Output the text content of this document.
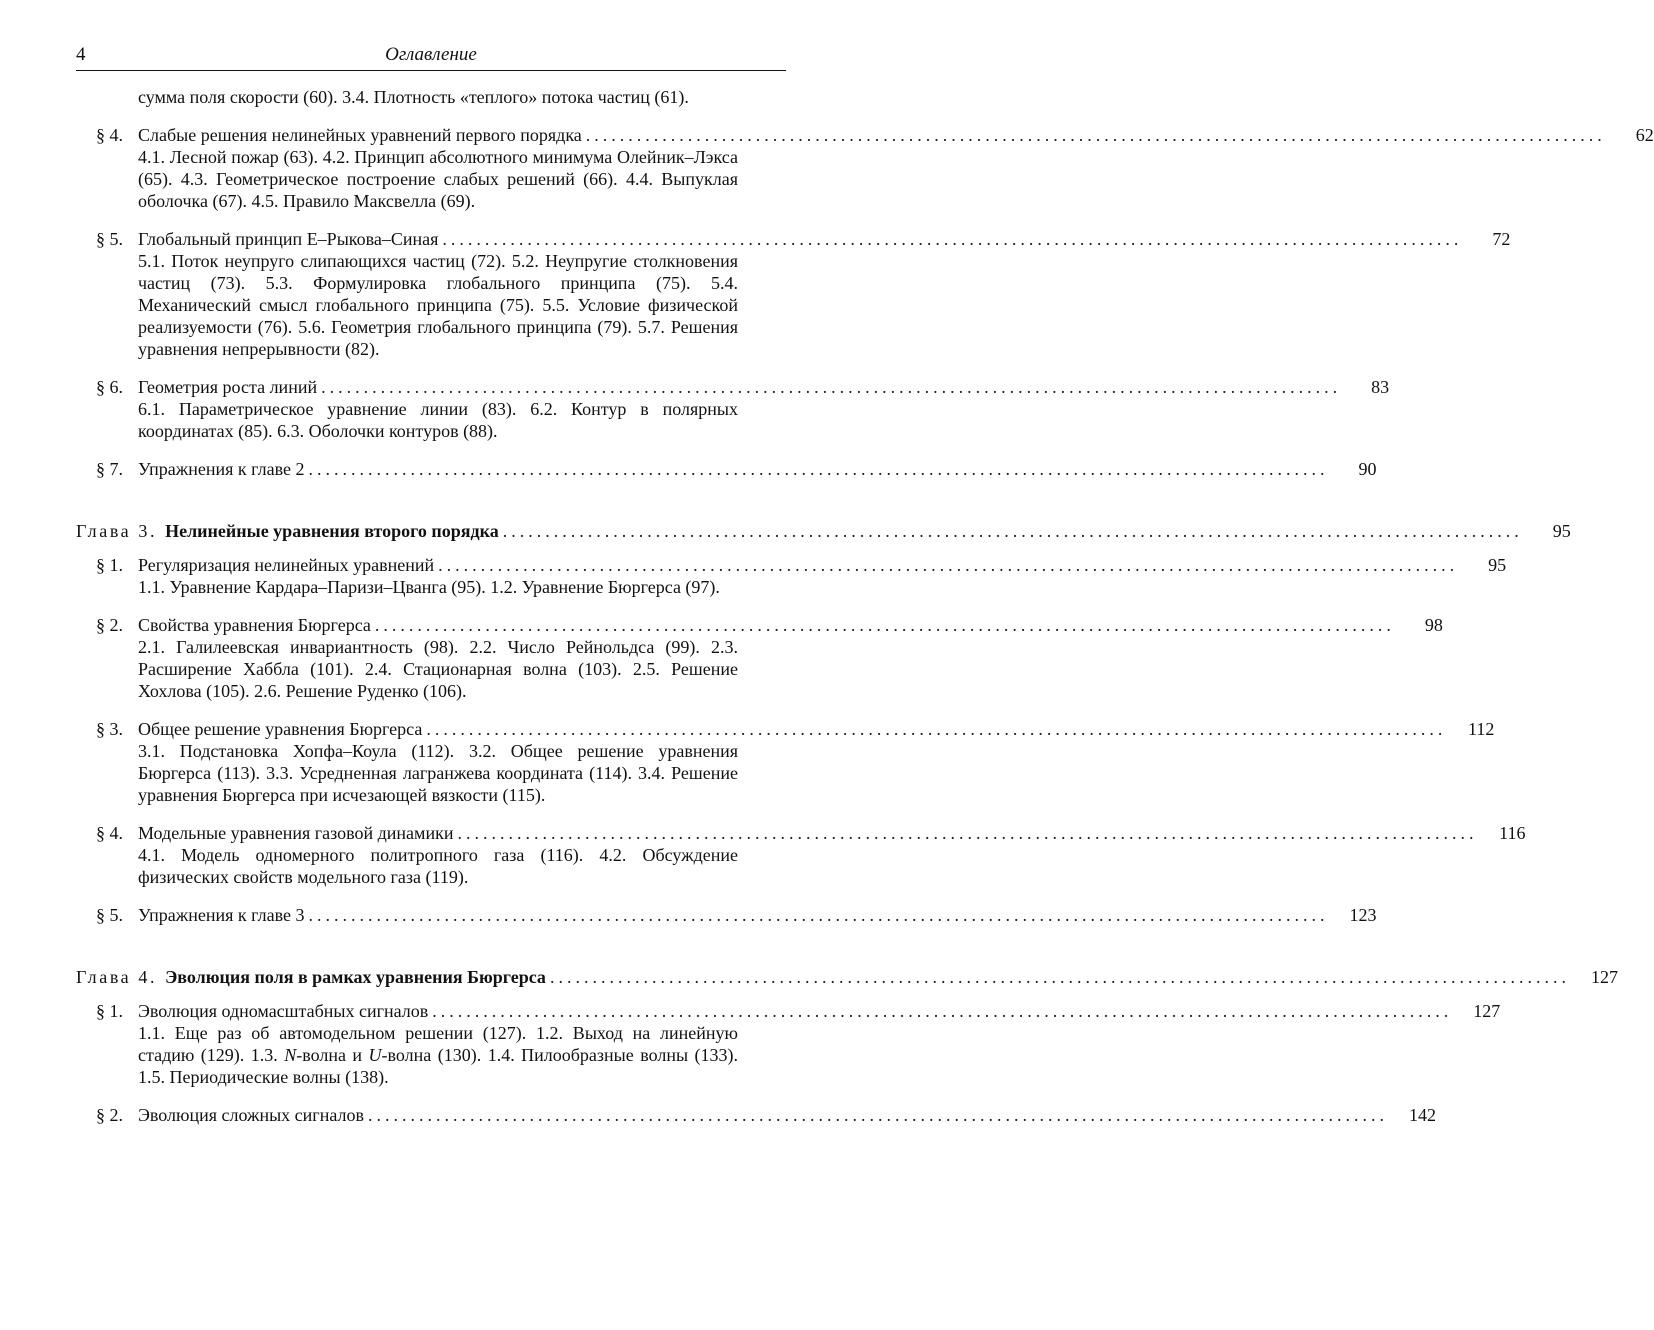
4	Оглавление
сумма поля скорости (60). 3.4. Плотность «теплого» потока частиц (61).
§ 4. Слабые решения нелинейных уравнений первого порядка ........................................................................................................................	62
4.1. Лесной пожар (63). 4.2. Принцип абсолютного минимума Олейник–Лэкса (65). 4.3. Геометрическое построение слабых решений (66). 4.4. Выпуклая оболочка (67). 4.5. Правило Максвелла (69).
§ 5. Глобальный принцип Е–Рыкова–Синая ........................................................................................................................	72
5.1. Поток неупруго слипающихся частиц (72). 5.2. Неупругие столкновения частиц (73). 5.3. Формулировка глобального принципа (75). 5.4. Механический смысл глобального принципа (75). 5.5. Условие физической реализуемости (76). 5.6. Геометрия глобального принципа (79). 5.7. Решения уравнения непрерывности (82).
§ 6. Геометрия роста линий ........................................................................................................................	83
6.1. Параметрическое уравнение линии (83). 6.2. Контур в полярных координатах (85). 6.3. Оболочки контуров (88).
§ 7. Упражнения к главе 2 ........................................................................................................................	90
Глава 3. Нелинейные уравнения второго порядка ........................................................................................................................	95
§ 1. Регуляризация нелинейных уравнений ........................................................................................................................	95
1.1. Уравнение Кардара–Паризи–Цванга (95). 1.2. Уравнение Бюргерса (97).
§ 2. Свойства уравнения Бюргерса ........................................................................................................................	98
2.1. Галилеевская инвариантность (98). 2.2. Число Рейнольдса (99). 2.3. Расширение Хаббла (101). 2.4. Стационарная волна (103). 2.5. Решение Хохлова (105). 2.6. Решение Руденко (106).
§ 3. Общее решение уравнения Бюргерса ........................................................................................................................	112
3.1. Подстановка Хопфа–Коула (112). 3.2. Общее решение уравнения Бюргерса (113). 3.3. Усредненная лагранжева координата (114). 3.4. Решение уравнения Бюргерса при исчезающей вязкости (115).
§ 4. Модельные уравнения газовой динамики ........................................................................................................................	116
4.1. Модель одномерного политропного газа (116). 4.2. Обсуждение физических свойств модельного газа (119).
§ 5. Упражнения к главе 3 ........................................................................................................................	123
Глава 4. Эволюция поля в рамках уравнения Бюргерса ........................................................................................................................	127
§ 1. Эволюция одномасштабных сигналов ........................................................................................................................	127
1.1. Еще раз об автомодельном решении (127). 1.2. Выход на линейную стадию (129). 1.3. N-волна и U-волна (130). 1.4. Пилообразные волны (133). 1.5. Периодические волны (138).
§ 2. Эволюция сложных сигналов ........................................................................................................................	142
